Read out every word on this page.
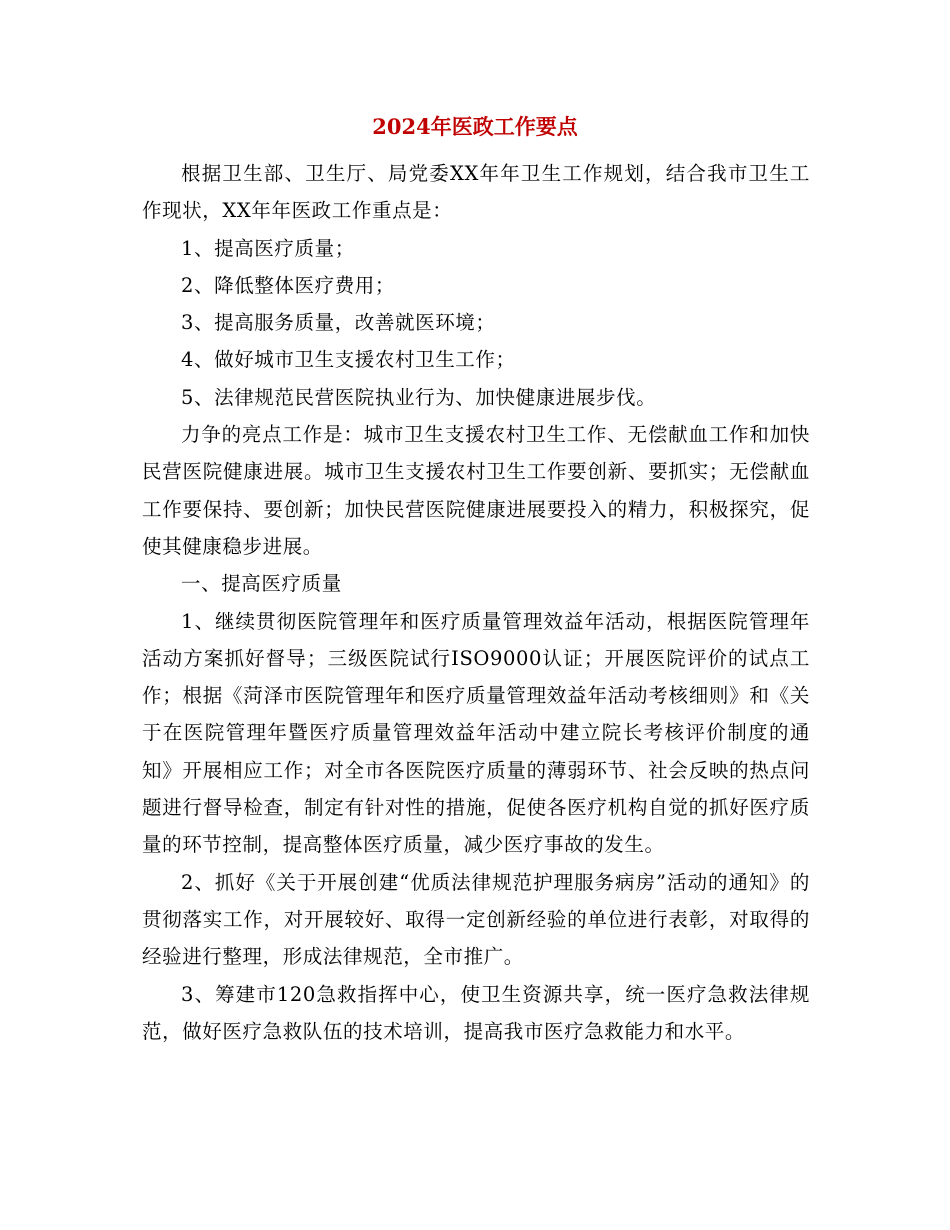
2024年医政工作要点

根据卫生部、卫生厅、局党委XX年年卫生工作规划，结合我市卫生工作现状，XX年年医政工作重点是：

1、提高医疗质量；

2、降低整体医疗费用；

3、提高服务质量，改善就医环境；

4、做好城市卫生支援农村卫生工作；

5、法律规范民营医院执业行为、加快健康进展步伐。

力争的亮点工作是：城市卫生支援农村卫生工作、无偿献血工作和加快民营医院健康进展。城市卫生支援农村卫生工作要创新、要抓实；无偿献血工作要保持、要创新；加快民营医院健康进展要投入的精力，积极探究，促使其健康稳步进展。

一、提高医疗质量

1、继续贯彻医院管理年和医疗质量管理效益年活动，根据医院管理年活动方案抓好督导；三级医院试行ISO9000认证；开展医院评价的试点工作；根据《菏泽市医院管理年和医疗质量管理效益年活动考核细则》和《关于在医院管理年暨医疗质量管理效益年活动中建立院长考核评价制度的通知》开展相应工作；对全市各医院医疗质量的薄弱环节、社会反映的热点问题进行督导检查，制定有针对性的措施，促使各医疗机构自觉的抓好医疗质量的环节控制，提高整体医疗质量，减少医疗事故的发生。

2、抓好《关于开展创建“优质法律规范护理服务病房”活动的通知》的贯彻落实工作，对开展较好、取得一定创新经验的单位进行表彰，对取得的经验进行整理，形成法律规范，全市推广。

3、筹建市120急救指挥中心，使卫生资源共享，统一医疗急救法律规范，做好医疗急救队伍的技术培训，提高我市医疗急救能力和水平。
